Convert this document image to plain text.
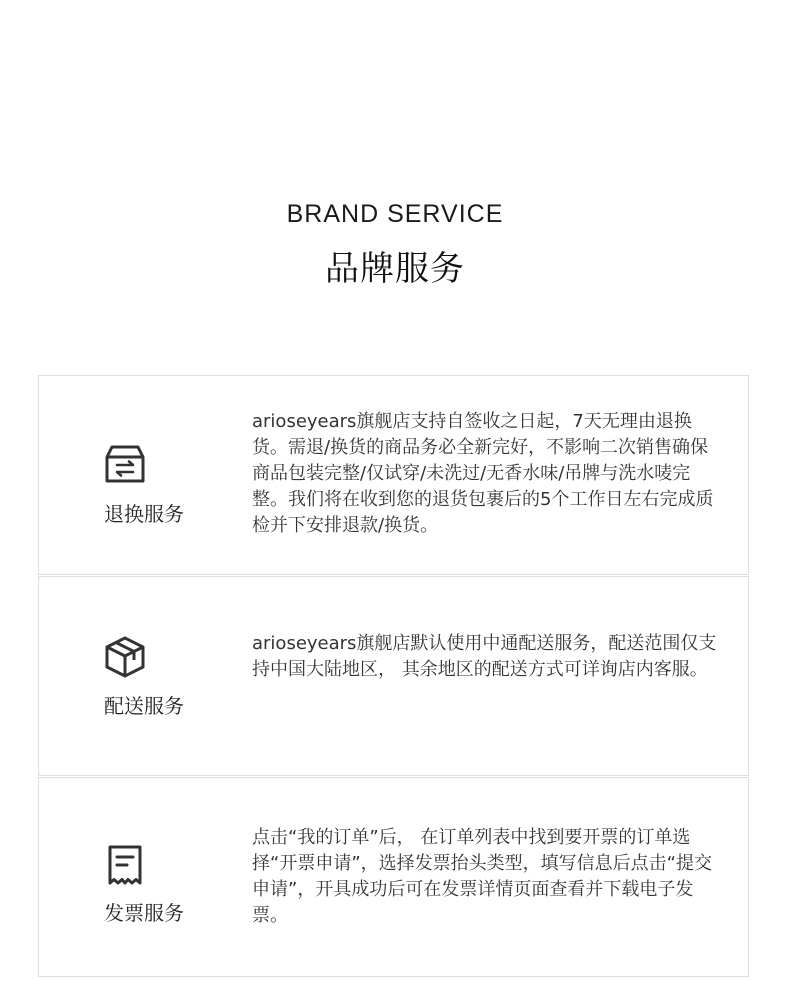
BRAND SERVICE
品牌服务
退换服务
arioseyears旗舰店支持自签收之日起，7天无理由退换货。需退/换货的商品务必全新完好，不影响二次销售确保商品包装完整/仅试穿/未洗过/无香水味/吊牌与洗水唛完整。我们将在收到您的退货包裹后的5个工作日左右完成质检并下安排退款/换货。
配送服务
arioseyears旗舰店默认使用中通配送服务，配送范围仅支持中国大陆地区， 其余地区的配送方式可详询店内客服。
发票服务
点击“我的订单”后， 在订单列表中找到要开票的订单选择“开票申请”，选择发票抬头类型，填写信息后点击“提交申请”，开具成功后可在发票详情页面查看并下载电子发票。
